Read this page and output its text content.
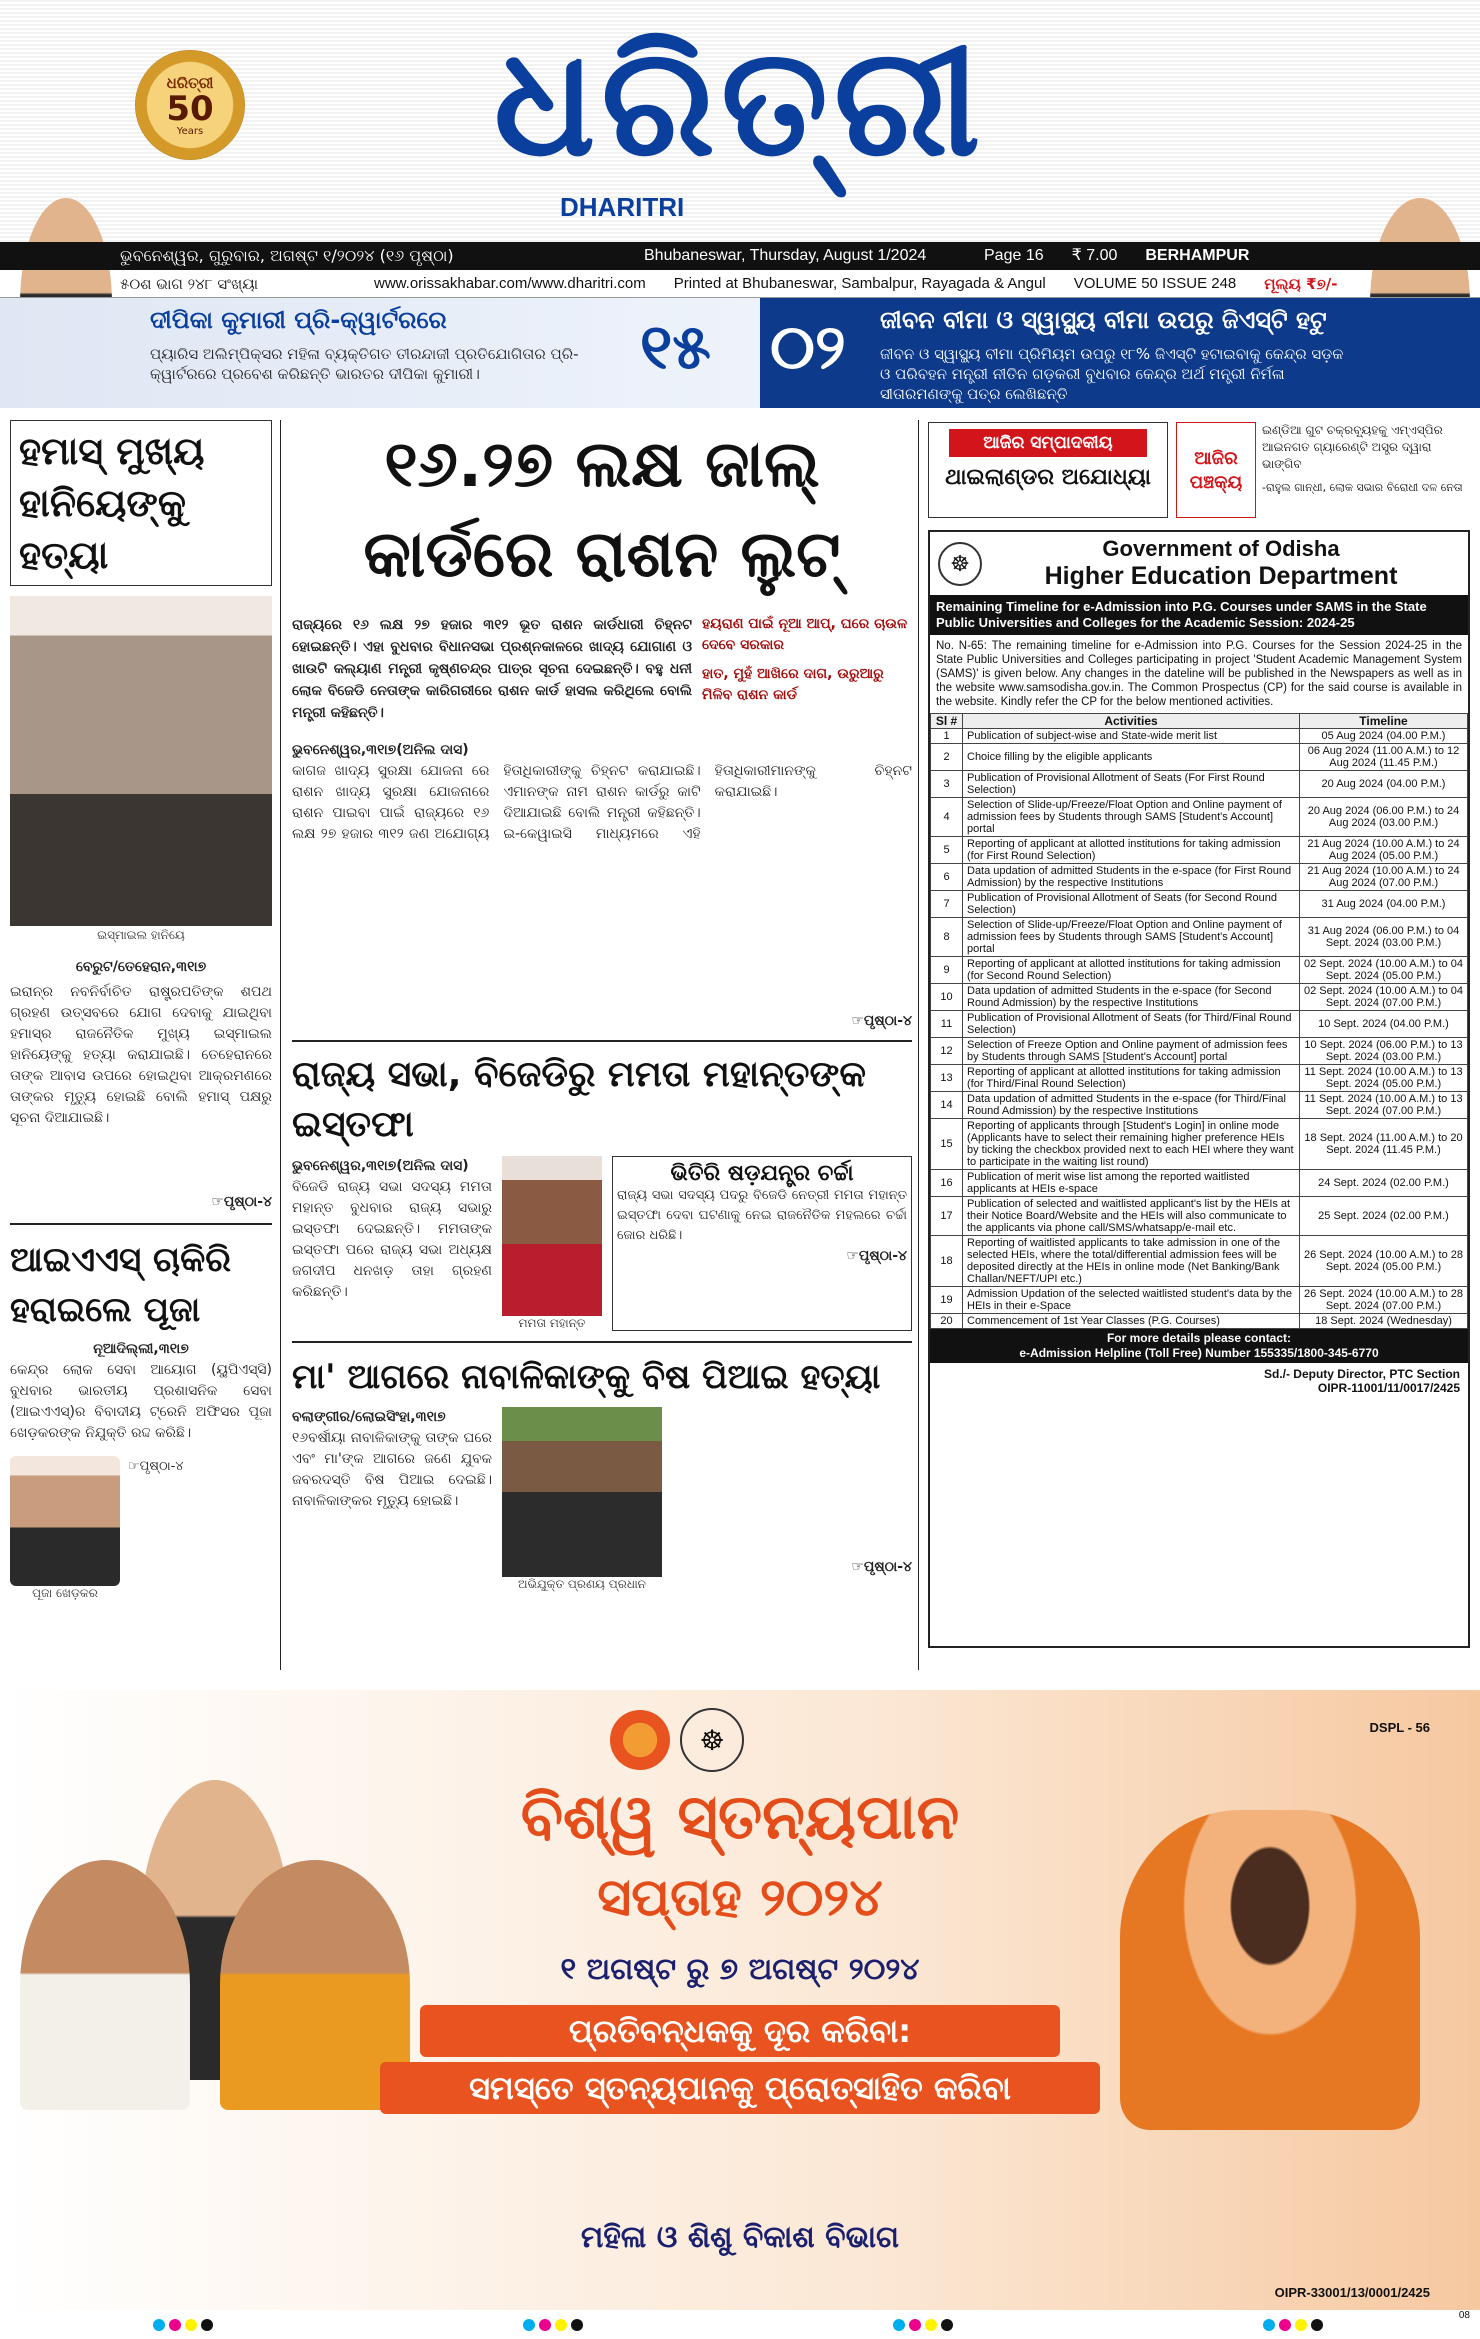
ଧରିତ୍ରୀ
50
Years ଧରିତ୍ରୀ
DHARITRI
ଭୁବନେଶ୍ୱର, ଗୁରୁବାର, ଅଗଷ୍ଟ ୧/୨୦୨୪ (୧୬ ପୃଷ୍ଠା)	Bhubaneswar, Thursday, August 1/2024	Page 16	₹ 7.00	BERHAMPUR
୫୦ଶ ଭାଗ ୨୪୮ ସଂଖ୍ୟା	www.orissakhabar.com/www.dharitri.com	Printed at Bhubaneswar, Sambalpur, Rayagada & Angul	VOLUME 50 ISSUE 248	ମୂଲ୍ୟ ₹୭/-
ଦୀପିକା କୁମାରୀ ପ୍ରି-କ୍ୱାର୍ଟରରେ
ପ୍ୟାରିସ ଅଲିମ୍ପିକ୍ସର ମହିଳା ବ୍ୟକ୍ତିଗତ ତୀରନ୍ଦାଜୀ ପ୍ରତିଯୋଗିତାର ପ୍ରି-କ୍ୱାର୍ଟରରେ ପ୍ରବେଶ କରିଛନ୍ତି ଭାରତର ଦୀପିକା କୁମାରୀ।	୧୫ ୦୨ ଜୀବନ ବୀମା ଓ ସ୍ୱାସ୍ଥ୍ୟ ବୀମା ଉପରୁ ଜିଏସ୍‌ଟି ହଟୁ
ଜୀବନ ଓ ସ୍ୱାସ୍ଥ୍ୟ ବୀମା ପ୍ରିମିୟମ ଉପରୁ ୧୮% ଜିଏସ୍‌ଟି ହଟାଇବାକୁ କେନ୍ଦ୍ର ସଡ଼କ ଓ ପରିବହନ ମନ୍ତ୍ରୀ ନୀତିନ ଗଡ଼କରୀ ବୁଧବାର କେନ୍ଦ୍ର ଅର୍ଥ ମନ୍ତ୍ରୀ ନିର୍ମଳା ସୀତାରମଣଙ୍କୁ ପତ୍ର ଲେଖିଛନ୍ତି
ହମାସ୍ ମୁଖ୍ୟ
ହାନିୟେଙ୍କୁ ହତ୍ୟା
ଇସ୍‌ମାଇଲ ହାନିୟେ
ବେରୁଟ/ତେହେରାନ,୩୧ା୭
ଇରାନ୍‌ର ନବନିର୍ବାଚିତ ରାଷ୍ଟ୍ରପତିଙ୍କ ଶପଥ ଗ୍ରହଣ ଉତ୍ସବରେ ଯୋଗ ଦେବାକୁ ଯାଇଥିବା ହମାସ୍‌ର ରାଜନୈତିକ ମୁଖ୍ୟ ଇସ୍‌ମାଇଲ ହାନିୟେଙ୍କୁ ହତ୍ୟା କରାଯାଇଛି। ତେହେରାନରେ ତାଙ୍କ ଆବାସ ଉପରେ ହୋଇଥିବା ଆକ୍ରମଣରେ ତାଙ୍କର ମୃତ୍ୟୁ ହୋଇଛି ବୋଲି ହମାସ୍ ପକ୍ଷରୁ ସୂଚନା ଦିଆଯାଇଛି।
☞ପୃଷ୍ଠା-୪
ଆଇଏଏସ୍ ଚାକିରି
ହରାଇଲେ ପୂଜା
ନୂଆଦିଲ୍ଲୀ,୩୧ା୭
କେନ୍ଦ୍ର ଲୋକ ସେବା ଆୟୋଗ (ୟୁପିଏସ୍‌ସି) ବୁଧବାର ଭାରତୀୟ ପ୍ରଶାସନିକ ସେବା (ଆଇଏଏସ୍)ର ବିବାଦୀୟ ଟ୍ରେନି ଅଫିସର ପୂଜା ଖେଡ଼କରଙ୍କ ନିଯୁକ୍ତି ରଦ୍ଦ କରିଛି।
ପୂଜା ଖେଡ଼କର
☞ପୃଷ୍ଠା-୪
୧୬.୨୭ ଲକ୍ଷ ଜାଲ୍
କାର୍ଡରେ ରାଶନ ଲୁଟ୍
ରାଜ୍ୟରେ ୧୬ ଲକ୍ଷ ୨୭ ହଜାର ୩୧୨ ଭୂତ ରାଶନ କାର୍ଡଧାରୀ ଚିହ୍ନଟ ହୋଇଛନ୍ତି। ଏହା ବୁଧବାର ବିଧାନସଭା ପ୍ରଶ୍ନକାଳରେ ଖାଦ୍ୟ ଯୋଗାଣ ଓ ଖାଉଟି କଲ୍ୟାଣ ମନ୍ତ୍ରୀ କୃଷ୍ଣଚନ୍ଦ୍ର ପାତ୍ର ସୂଚନା ଦେଇଛନ୍ତି। ବହୁ ଧନୀ ଲୋକ ବିଜେଡି ନେତାଙ୍କ କାରିଗରୀରେ ରାଶନ କାର୍ଡ ହାସଲ କରିଥିଲେ ବୋଲି ମନ୍ତ୍ରୀ କହିଛନ୍ତି।
ହୟରାଣ ପାଇଁ ନୂଆ ଆପ୍, ଘରେ ଚାଉଳ ଦେବେ ସରକାର
ହାତ, ମୁହଁ ଆଖିରେ ଦାଗ, ଉରୁଆରୁ ମିଳିବ ରାଶନ କାର୍ଡ
ଭୁବନେଶ୍ୱର,୩୧ା୭(ଅନିଲ ଦାସ)
କାଗଜ ଖାଦ୍ୟ ସୁରକ୍ଷା ଯୋଜନା ରେ ରାଶନ ଖାଦ୍ୟ ସୁରକ୍ଷା ଯୋଜନାରେ ରାଶନ ପାଇବା ପାଇଁ ରାଜ୍ୟରେ ୧୬ ଲକ୍ଷ ୨୭ ହଜାର ୩୧୨ ଜଣ ଅଯୋଗ୍ୟ ହିତାଧିକାରୀଙ୍କୁ ଚିହ୍ନଟ କରାଯାଇଛି। ଏମାନଙ୍କ ନାମ ରାଶନ କାର୍ଡରୁ କାଟି ଦିଆଯାଇଛି ବୋଲି ମନ୍ତ୍ରୀ କହିଛନ୍ତି। ଇ-କେୱାଇସି ମାଧ୍ୟମରେ ଏହି ହିତାଧିକାରୀମାନଙ୍କୁ ଚିହ୍ନଟ କରାଯାଇଛି।
☞ପୃଷ୍ଠା-୪
ରାଜ୍ୟ ସଭା, ବିଜେଡିରୁ ମମତା ମହାନ୍ତଙ୍କ ଇସ୍ତଫା
ଭୁବନେଶ୍ୱର,୩୧ା୭(ଅନିଲ ଦାସ)
ବିଜେଡି ରାଜ୍ୟ ସଭା ସଦସ୍ୟ ମମତା ମହାନ୍ତ ବୁଧବାର ରାଜ୍ୟ ସଭାରୁ ଇସ୍ତଫା ଦେଇଛନ୍ତି। ମମତାଙ୍କ ଇସ୍ତଫା ପରେ ରାଜ୍ୟ ସଭା ଅଧ୍ୟକ୍ଷ ଜଗଦୀପ ଧନଖଡ଼ ତାହା ଗ୍ରହଣ କରିଛନ୍ତି।
ମମତା ମହାନ୍ତ
ଭିତିରି ଷଡ଼ଯନ୍ତ୍ର ଚର୍ଚ୍ଚା
ରାଜ୍ୟ ସଭା ସଦସ୍ୟ ପଦରୁ ବିଜେଡି ନେତ୍ରୀ ମମତା ମହାନ୍ତ ଇସ୍ତଫା ଦେବା ଘଟଣାକୁ ନେଇ ରାଜନୈତିକ ମହଲରେ ଚର୍ଚ୍ଚା ଜୋର ଧରିଛି।
☞ପୃଷ୍ଠା-୪
ମା' ଆଗରେ ନାବାଳିକାଙ୍କୁ ବିଷ ପିଆଇ ହତ୍ୟା
ବଲାଙ୍ଗୀର/ଲୋଇସିଂହା,୩୧ା୭
୧୬ବର୍ଷୀୟା ନାବାଳିକାଙ୍କୁ ତାଙ୍କ ଘରେ ଏବଂ ମା'ଙ୍କ ଆଗରେ ଜଣେ ଯୁବକ ଜବରଦସ୍ତି ବିଷ ପିଆଇ ଦେଇଛି। ନାବାଳିକାଙ୍କର ମୃତ୍ୟୁ ହୋଇଛି।
ଅଭିଯୁକ୍ତ ପ୍ରଣୟ ପ୍ରଧାନ
☞ପୃଷ୍ଠା-୪
ଆଜିର ସମ୍ପାଦକୀୟ
ଥାଇଲାଣ୍ଡର ଅଯୋଧ୍ୟା
ଆଜିର ପଞ୍ଚକ୍ୟ
ଇଣ୍ଡିଆ ଗୁଟ ଚକ୍ରବ୍ୟୂହକୁ ଏମ୍‌ଏସ୍‌ପିର ଆଇନଗତ ଗ୍ୟାରେଣ୍ଟି ଅସ୍ତ୍ର ଦ୍ୱାରା ଭାଙ୍ଗିବ
-ରାହୁଲ ଗାନ୍ଧୀ, ଲୋକ ସଭାର ବିରୋଧୀ ଦଳ ନେତା
☸
Government of Odisha
Higher Education Department
Remaining Timeline for e-Admission into P.G. Courses under SAMS in the State Public Universities and Colleges for the Academic Session: 2024-25
No. N-65: The remaining timeline for e-Admission into P.G. Courses for the Session 2024-25 in the State Public Universities and Colleges participating in project 'Student Academic Management System (SAMS)' is given below. Any changes in the dateline will be published in the Newspapers as well as in the website www.samsodisha.gov.in. The Common Prospectus (CP) for the said course is available in the website. Kindly refer the CP for the below mentioned activities.
Sl #	Activities	Timeline
1	Publication of subject-wise and State-wide merit list	05 Aug 2024 (04.00 P.M.)
2	Choice filling by the eligible applicants	06 Aug 2024 (11.00 A.M.) to 12 Aug 2024 (11.45 P.M.)
3	Publication of Provisional Allotment of Seats (For First Round Selection)	20 Aug 2024 (04.00 P.M.)
4	Selection of Slide-up/Freeze/Float Option and Online payment of admission fees by Students through SAMS [Student's Account] portal	20 Aug 2024 (06.00 P.M.) to 24 Aug 2024 (03.00 P.M.)
5	Reporting of applicant at allotted institutions for taking admission (for First Round Selection)	21 Aug 2024 (10.00 A.M.) to 24 Aug 2024 (05.00 P.M.)
6	Data updation of admitted Students in the e-space (for First Round Admission) by the respective Institutions	21 Aug 2024 (10.00 A.M.) to 24 Aug 2024 (07.00 P.M.)
7	Publication of Provisional Allotment of Seats (for Second Round Selection)	31 Aug 2024 (04.00 P.M.)
8	Selection of Slide-up/Freeze/Float Option and Online payment of admission fees by Students through SAMS [Student's Account] portal	31 Aug 2024 (06.00 P.M.) to 04 Sept. 2024 (03.00 P.M.)
9	Reporting of applicant at allotted institutions for taking admission (for Second Round Selection)	02 Sept. 2024 (10.00 A.M.) to 04 Sept. 2024 (05.00 P.M.)
10	Data updation of admitted Students in the e-space (for Second Round Admission) by the respective Institutions	02 Sept. 2024 (10.00 A.M.) to 04 Sept. 2024 (07.00 P.M.)
11	Publication of Provisional Allotment of Seats (for Third/Final Round Selection)	10 Sept. 2024 (04.00 P.M.)
12	Selection of Freeze Option and Online payment of admission fees by Students through SAMS [Student's Account] portal	10 Sept. 2024 (06.00 P.M.) to 13 Sept. 2024 (03.00 P.M.)
13	Reporting of applicant at allotted institutions for taking admission (for Third/Final Round Selection)	11 Sept. 2024 (10.00 A.M.) to 13 Sept. 2024 (05.00 P.M.)
14	Data updation of admitted Students in the e-space (for Third/Final Round Admission) by the respective Institutions	11 Sept. 2024 (10.00 A.M.) to 13 Sept. 2024 (07.00 P.M.)
15	Reporting of applicants through [Student's Login] in online mode (Applicants have to select their remaining higher preference HEIs by ticking the checkbox provided next to each HEI where they want to participate in the waiting list round)	18 Sept. 2024 (11.00 A.M.) to 20 Sept. 2024 (11.45 P.M.)
16	Publication of merit wise list among the reported waitlisted applicants at HEIs e-space	24 Sept. 2024 (02.00 P.M.)
17	Publication of selected and waitlisted applicant's list by the HEIs at their Notice Board/Website and the HEIs will also communicate to the applicants via phone call/SMS/whatsapp/e-mail etc.	25 Sept. 2024 (02.00 P.M.)
18	Reporting of waitlisted applicants to take admission in one of the selected HEIs, where the total/differential admission fees will be deposited directly at the HEIs in online mode (Net Banking/Bank Challan/NEFT/UPI etc.)	26 Sept. 2024 (10.00 A.M.) to 28 Sept. 2024 (05.00 P.M.)
19	Admission Updation of the selected waitlisted student's data by the HEIs in their e-Space	26 Sept. 2024 (10.00 A.M.) to 28 Sept. 2024 (07.00 P.M.)
20	Commencement of 1st Year Classes (P.G. Courses)	18 Sept. 2024 (Wednesday)
For more details please contact:
e-Admission Helpline (Toll Free) Number 155335/1800-345-6770
Sd./- Deputy Director, PTC Section
OIPR-11001/11/0017/2425
DSPL - 56
☸
ବିଶ୍ୱ ସ୍ତନ୍ୟପାନ
ସପ୍ତାହ ୨୦୨୪
୧ ଅଗଷ୍ଟ ରୁ ୭ ଅଗଷ୍ଟ ୨୦୨୪
ପ୍ରତିବନ୍ଧକକୁ ଦୂର କରିବା:
ସମସ୍ତେ ସ୍ତନ୍ୟପାନକୁ ପ୍ରୋତ୍ସାହିତ କରିବା
ମହିଳା ଓ ଶିଶୁ ବିକାଶ ବିଭାଗ
OIPR-33001/13/0001/2425
08
